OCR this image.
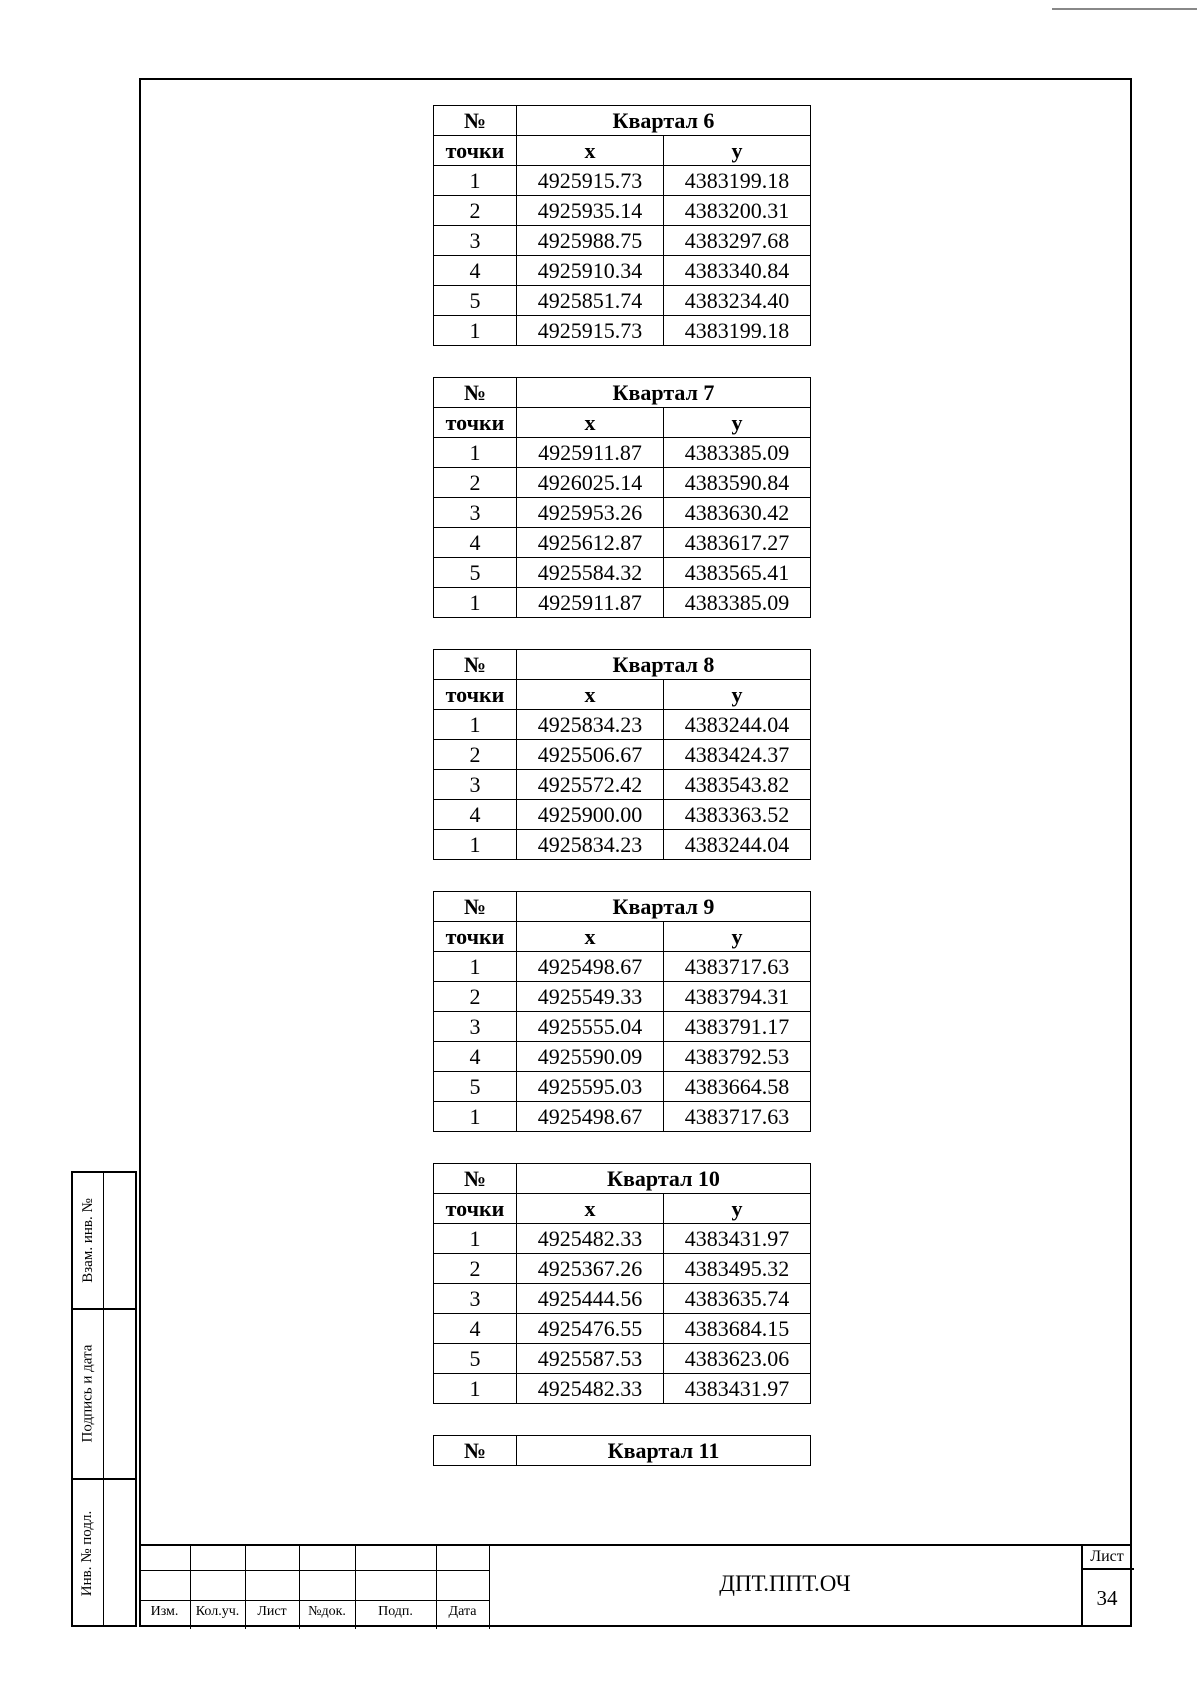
№	Квартал 6	
точки	x	y
1	4925915.73	4383199.18
2	4925935.14	4383200.31
3	4925988.75	4383297.68
4	4925910.34	4383340.84
5	4925851.74	4383234.40
1	4925915.73	4383199.18
№	Квартал 7	
точки	x	y
1	4925911.87	4383385.09
2	4926025.14	4383590.84
3	4925953.26	4383630.42
4	4925612.87	4383617.27
5	4925584.32	4383565.41
1	4925911.87	4383385.09
№	Квартал 8	
точки	x	y
1	4925834.23	4383244.04
2	4925506.67	4383424.37
3	4925572.42	4383543.82
4	4925900.00	4383363.52
1	4925834.23	4383244.04
№	Квартал 9	
точки	x	y
1	4925498.67	4383717.63
2	4925549.33	4383794.31
3	4925555.04	4383791.17
4	4925590.09	4383792.53
5	4925595.03	4383664.58
1	4925498.67	4383717.63
№	Квартал 10	
точки	x	y
1	4925482.33	4383431.97
2	4925367.26	4383495.32
3	4925444.56	4383635.74
4	4925476.55	4383684.15
5	4925587.53	4383623.06
1	4925482.33	4383431.97
№	Квартал 11
Взам. инв. №
Подпись и дата
Инв. № подл.
Изм.	Кол.уч.	Лист	№док.	Подп.	Дата
ДПТ.ППТ.ОЧ
Лист
34
